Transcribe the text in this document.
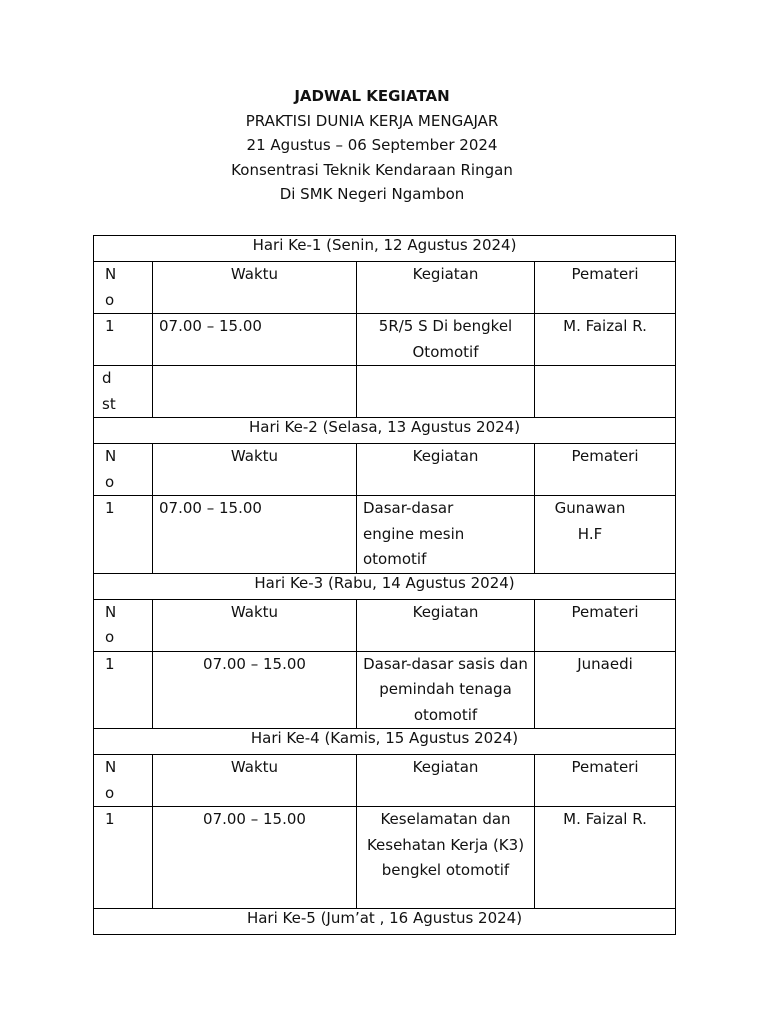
JADWAL KEGIATAN
PRAKTISI DUNIA KERJA MENGAJAR
21 Agustus – 06 September 2024
Konsentrasi Teknik Kendaraan Ringan
Di SMK Negeri Ngambon
Hari Ke-1 (Senin, 12 Agustus 2024)			
No	Waktu	Kegiatan	Pemateri
1	07.00 – 15.00	5R/5 S Di bengkel Otomotif	M. Faizal R.
dst			
Hari Ke-2 (Selasa, 13 Agustus 2024)			
No	Waktu	Kegiatan	Pemateri
1	07.00 – 15.00	Dasar-dasar engine mesin otomotif	Gunawan H.F
Hari Ke-3 (Rabu, 14 Agustus 2024)			
No	Waktu	Kegiatan	Pemateri
1	07.00 – 15.00	Dasar-dasar sasis dan pemindah tenaga otomotif	Junaedi
Hari Ke-4 (Kamis, 15 Agustus 2024)			
No	Waktu	Kegiatan	Pemateri
1	07.00 – 15.00	Keselamatan dan Kesehatan Kerja (K3) bengkel otomotif	M. Faizal R.
Hari Ke-5 (Jum’at , 16 Agustus 2024)			
